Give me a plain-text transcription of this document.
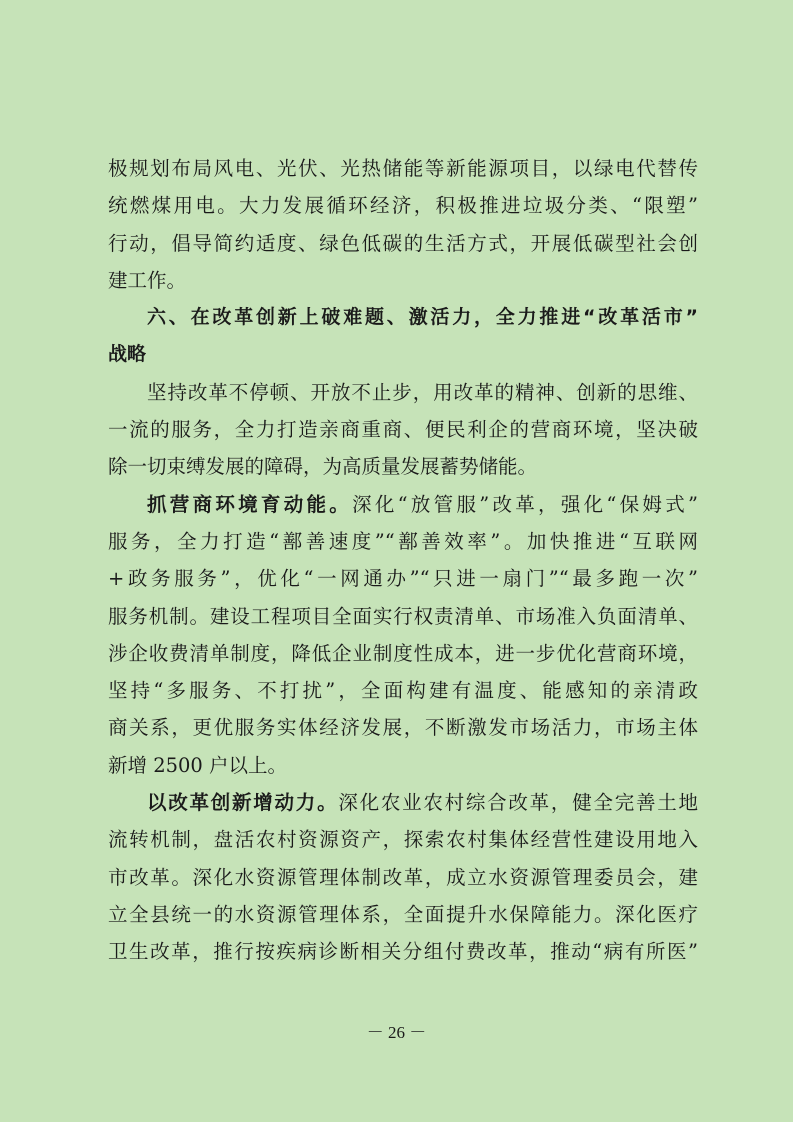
极规划布局风电、光伏、光热储能等新能源项目，以绿电代替传
统燃煤用电。大力发展循环经济，积极推进垃圾分类、“限塑”
行动，倡导简约适度、绿色低碳的生活方式，开展低碳型社会创
建工作。
六、在改革创新上破难题、激活力，全力推进“改革活市”
战略
坚持改革不停顿、开放不止步，用改革的精神、创新的思维、
一流的服务，全力打造亲商重商、便民利企的营商环境，坚决破
除一切束缚发展的障碍，为高质量发展蓄势储能。
抓营商环境育动能。深化“放管服”改革，强化“保姆式”
服务，全力打造“鄯善速度”“鄯善效率”。加快推进“互联网
+政务服务”，优化“一网通办”“只进一扇门”“最多跑一次”
服务机制。建设工程项目全面实行权责清单、市场准入负面清单、
涉企收费清单制度，降低企业制度性成本，进一步优化营商环境，
坚持“多服务、不打扰”，全面构建有温度、能感知的亲清政
商关系，更优服务实体经济发展，不断激发市场活力，市场主体
新增 2500 户以上。
以改革创新增动力。深化农业农村综合改革，健全完善土地
流转机制，盘活农村资源资产，探索农村集体经营性建设用地入
市改革。深化水资源管理体制改革，成立水资源管理委员会，建
立全县统一的水资源管理体系，全面提升水保障能力。深化医疗
卫生改革，推行按疾病诊断相关分组付费改革，推动“病有所医”
－ 26 －
